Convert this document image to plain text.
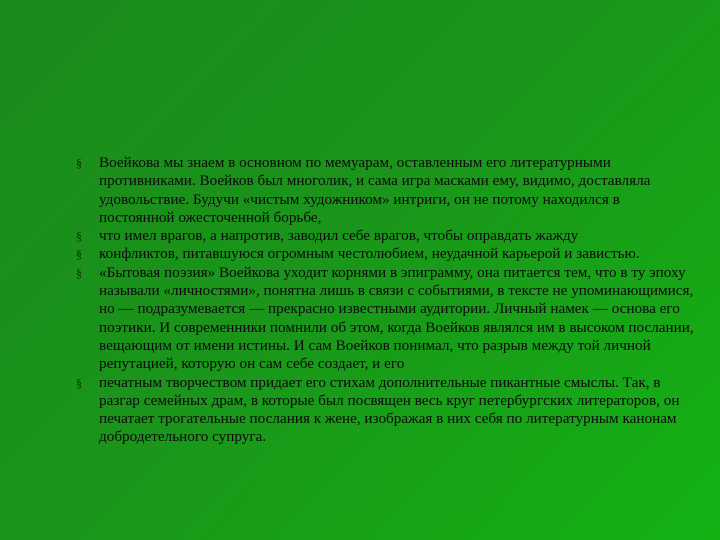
§	Воейкова мы знаем в основном по мемуарам, оставленным его литературными противниками. Воейков был многолик, и сама игра масками ему, видимо, доставляла удовольствие. Будучи «чистым художником» интриги, он не потому находился в постоянной ожесточенной борьбе,
§	что имел врагов, а напротив, заводил себе врагов, чтобы оправдать жажду
§	конфликтов, питавшуюся огромным честолюбием, неудачной карьерой и завистью.
§	«Бытовая поэзия» Воейкова уходит корнями в эпиграмму, она питается тем, что в ту эпоху называли «личностями», понятна лишь в связи с событиями, в тексте не упоминающимися, но — подразумевается — прекрасно известными аудитории. Личный намек — основа его поэтики. И современники помнили об этом, когда Воейков являлся им в высоком послании, вещающим от имени истины. И сам Воейков понимал, что разрыв между той личной репутацией, которую он сам себе создает, и его
§	печатным творчеством придает его стихам дополнительные пикантные смыслы. Так, в разгар семейных драм, в которые был посвящен весь круг петербургских литераторов, он печатает трогательные послания к жене, изображая в них себя по литературным канонам добродетельного супруга.
